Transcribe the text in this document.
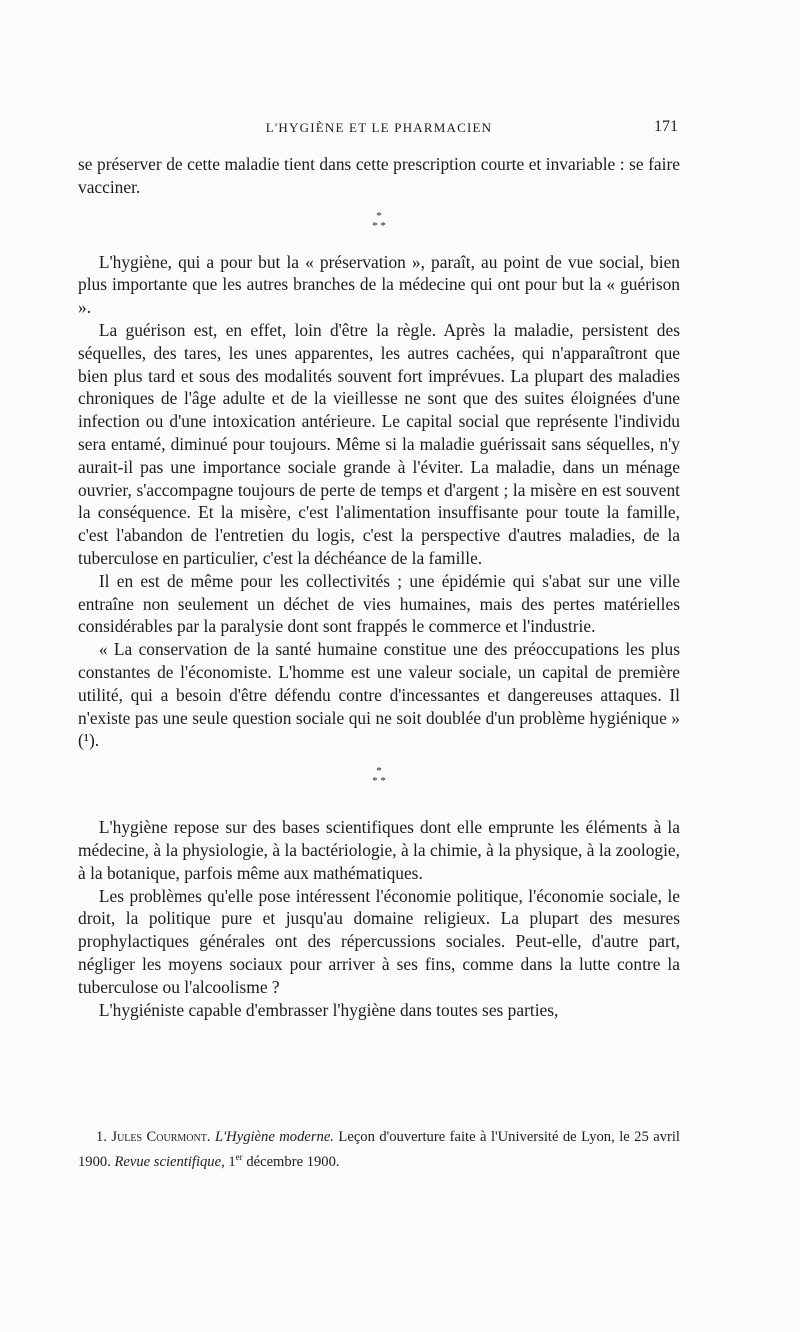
L'HYGIÈNE ET LE PHARMACIEN	171

se préserver de cette maladie tient dans cette prescription courte et invariable : se faire vacciner.

*
* *

L'hygiène, qui a pour but la « préservation », paraît, au point de vue social, bien plus importante que les autres branches de la médecine qui ont pour but la « guérison ».

La guérison est, en effet, loin d'être la règle. Après la maladie, persistent des séquelles, des tares, les unes apparentes, les autres cachées, qui n'apparaîtront que bien plus tard et sous des modalités souvent fort imprévues. La plupart des maladies chroniques de l'âge adulte et de la vieillesse ne sont que des suites éloignées d'une infection ou d'une intoxication antérieure. Le capital social que représente l'individu sera entamé, diminué pour toujours. Même si la maladie guérissait sans séquelles, n'y aurait-il pas une importance sociale grande à l'éviter. La maladie, dans un ménage ouvrier, s'accompagne toujours de perte de temps et d'argent ; la misère en est souvent la conséquence. Et la misère, c'est l'alimentation insuffisante pour toute la famille, c'est l'abandon de l'entretien du logis, c'est la perspective d'autres maladies, de la tuberculose en particulier, c'est la déchéance de la famille.

Il en est de même pour les collectivités ; une épidémie qui s'abat sur une ville entraîne non seulement un déchet de vies humaines, mais des pertes matérielles considérables par la paralysie dont sont frappés le commerce et l'industrie.

« La conservation de la santé humaine constitue une des préoccupations les plus constantes de l'économiste. L'homme est une valeur sociale, un capital de première utilité, qui a besoin d'être défendu contre d'incessantes et dangereuses attaques. Il n'existe pas une seule question sociale qui ne soit doublée d'un problème hygiénique » (¹).

*
* *

L'hygiène repose sur des bases scientifiques dont elle emprunte les éléments à la médecine, à la physiologie, à la bactériologie, à la chimie, à la physique, à la zoologie, à la botanique, parfois même aux mathématiques.

Les problèmes qu'elle pose intéressent l'économie politique, l'économie sociale, le droit, la politique pure et jusqu'au domaine religieux. La plupart des mesures prophylactiques générales ont des répercussions sociales. Peut-elle, d'autre part, négliger les moyens sociaux pour arriver à ses fins, comme dans la lutte contre la tuberculose ou l'alcoolisme ?

L'hygiéniste capable d'embrasser l'hygiène dans toutes ses parties,

1. Jules Courmont. L'Hygiène moderne. Leçon d'ouverture faite à l'Université de Lyon, le 25 avril 1900. Revue scientifique, 1er décembre 1900.
